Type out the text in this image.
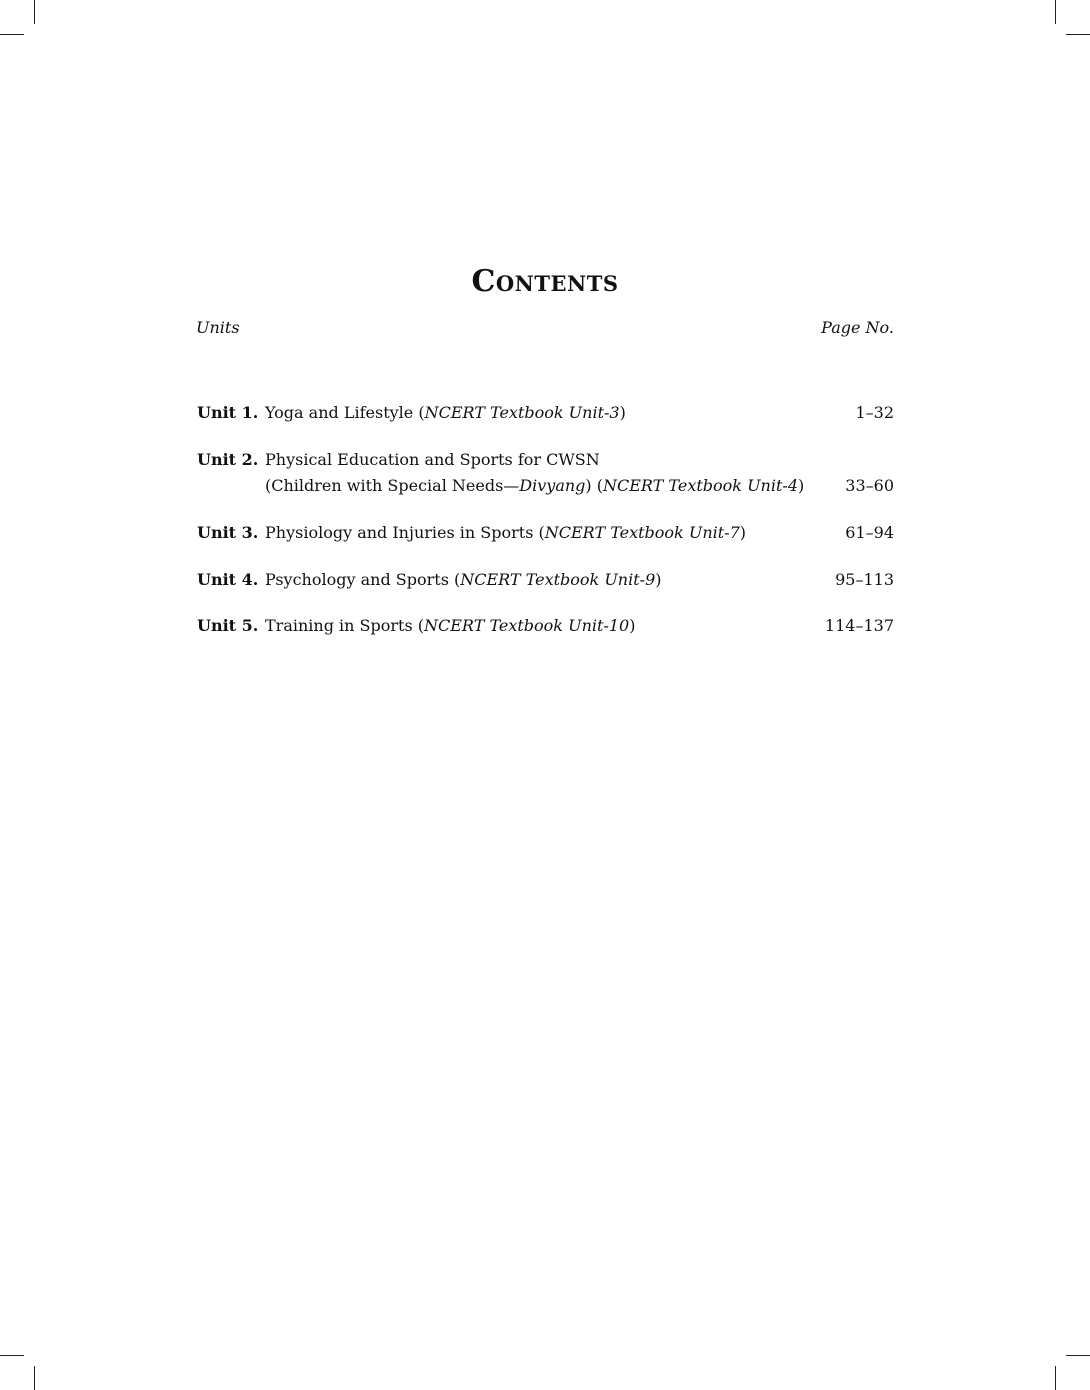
Contents
Units	Page No.
Unit 1. Yoga and Lifestyle (NCERT Textbook Unit-3)	1–32
Unit 2. Physical Education and Sports for CWSN
(Children with Special Needs—Divyang) (NCERT Textbook Unit-4)	33–60
Unit 3. Physiology and Injuries in Sports (NCERT Textbook Unit-7)	61–94
Unit 4. Psychology and Sports (NCERT Textbook Unit-9)	95–113
Unit 5. Training in Sports (NCERT Textbook Unit-10)	114–137
